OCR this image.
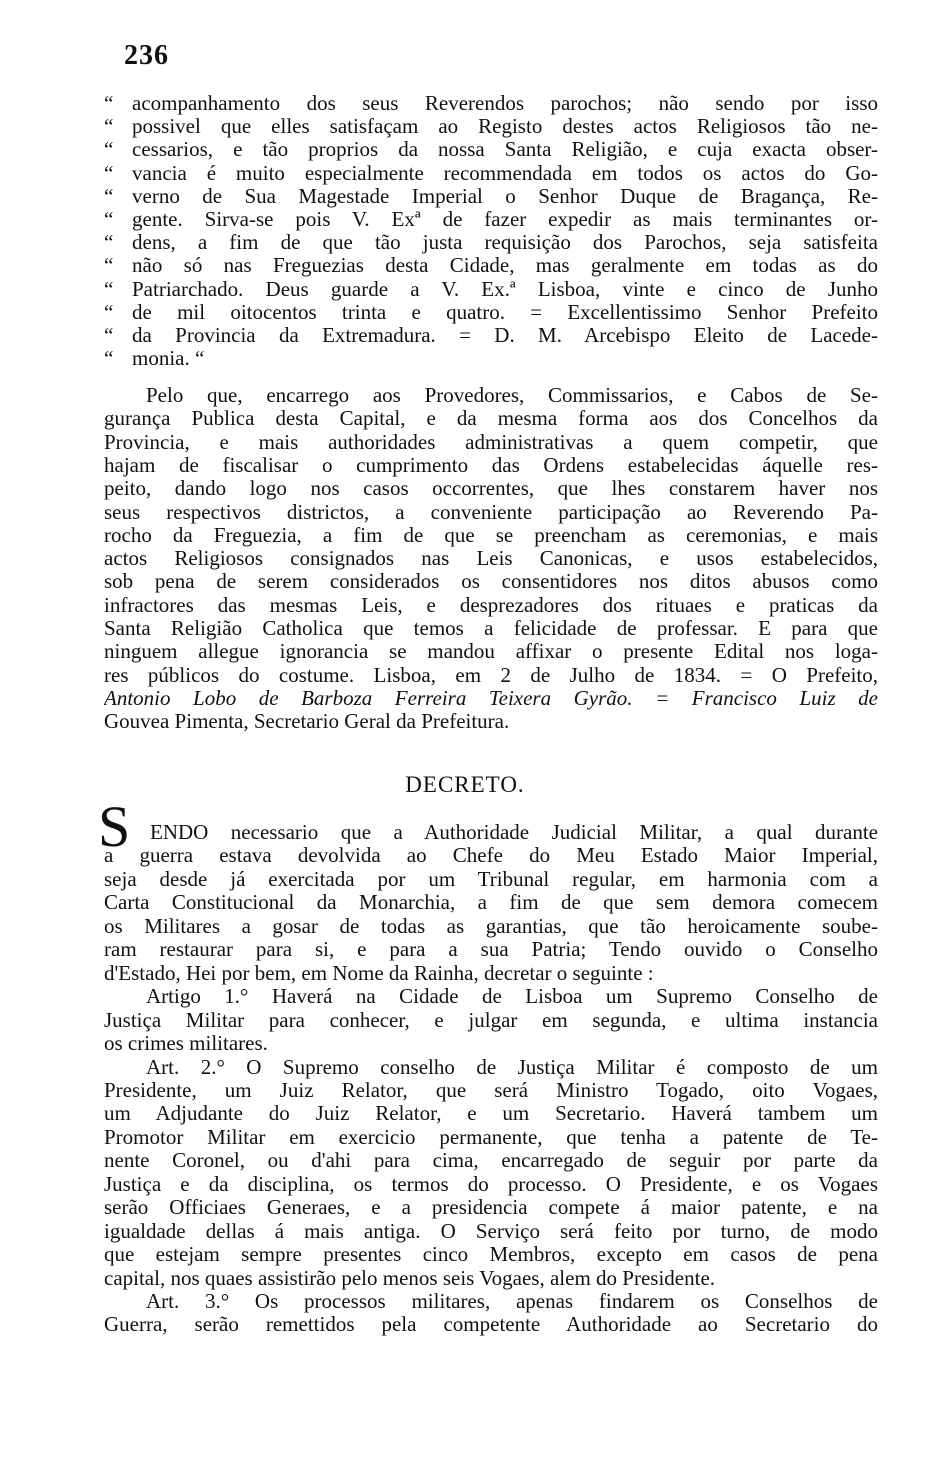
236
“ acompanhamento dos seus Reverendos parochos; não sendo por isso
“ possivel que elles satisfaçam ao Registo destes actos Religiosos tão ne-
“ cessarios, e tão proprios da nossa Santa Religião, e cuja exacta obser-
“ vancia é muito especialmente recommendada em todos os actos do Go-
“ verno de Sua Magestade Imperial o Senhor Duque de Bragança, Re-
“ gente. Sirva-se pois V. Exª de fazer expedir as mais terminantes or-
“ dens, a fim de que tão justa requisição dos Parochos, seja satisfeita
“ não só nas Freguezias desta Cidade, mas geralmente em todas as do
“ Patriarchado. Deus guarde a V. Ex.ª Lisboa, vinte e cinco de Junho
“ de mil oitocentos trinta e quatro. = Excellentissimo Senhor Prefeito
“ da Provincia da Extremadura. = D. M. Arcebispo Eleito de Lacede-
“ monia. “
Pelo que, encarrego aos Provedores, Commissarios, e Cabos de Se-
gurança Publica desta Capital, e da mesma forma aos dos Concelhos da
Provincia, e mais authoridades administrativas a quem competir, que
hajam de fiscalisar o cumprimento das Ordens estabelecidas áquelle res-
peito, dando logo nos casos occorrentes, que lhes constarem haver nos
seus respectivos districtos, a conveniente participação ao Reverendo Pa-
rocho da Freguezia, a fim de que se preencham as ceremonias, e mais
actos Religiosos consignados nas Leis Canonicas, e usos estabelecidos,
sob pena de serem considerados os consentidores nos ditos abusos como
infractores das mesmas Leis, e desprezadores dos rituaes e praticas da
Santa Religião Catholica que temos a felicidade de professar. E para que
ninguem allegue ignorancia se mandou affixar o presente Edital nos loga-
res públicos do costume. Lisboa, em 2 de Julho de 1834. = O Prefeito,
Antonio Lobo de Barboza Ferreira Teixera Gyrão. = Francisco Luiz de
Gouvea Pimenta, Secretario Geral da Prefeitura.
DECRETO.
S ENDO necessario que a Authoridade Judicial Militar, a qual durante
a guerra estava devolvida ao Chefe do Meu Estado Maior Imperial,
seja desde já exercitada por um Tribunal regular, em harmonia com a
Carta Constitucional da Monarchia, a fim de que sem demora comecem
os Militares a gosar de todas as garantias, que tão heroicamente soube-
ram restaurar para si, e para a sua Patria; Tendo ouvido o Conselho
d'Estado, Hei por bem, em Nome da Rainha, decretar o seguinte :
Artigo 1.° Haverá na Cidade de Lisboa um Supremo Conselho de
Justiça Militar para conhecer, e julgar em segunda, e ultima instancia
os crimes militares.
Art. 2.° O Supremo conselho de Justiça Militar é composto de um
Presidente, um Juiz Relator, que será Ministro Togado, oito Vogaes,
um Adjudante do Juiz Relator, e um Secretario. Haverá tambem um
Promotor Militar em exercicio permanente, que tenha a patente de Te-
nente Coronel, ou d'ahi para cima, encarregado de seguir por parte da
Justiça e da disciplina, os termos do processo. O Presidente, e os Vogaes
serão Officiaes Generaes, e a presidencia compete á maior patente, e na
igualdade dellas á mais antiga. O Serviço será feito por turno, de modo
que estejam sempre presentes cinco Membros, excepto em casos de pena
capital, nos quaes assistirão pelo menos seis Vogaes, alem do Presidente.
Art. 3.° Os processos militares, apenas findarem os Conselhos de
Guerra, serão remettidos pela competente Authoridade ao Secretario do
